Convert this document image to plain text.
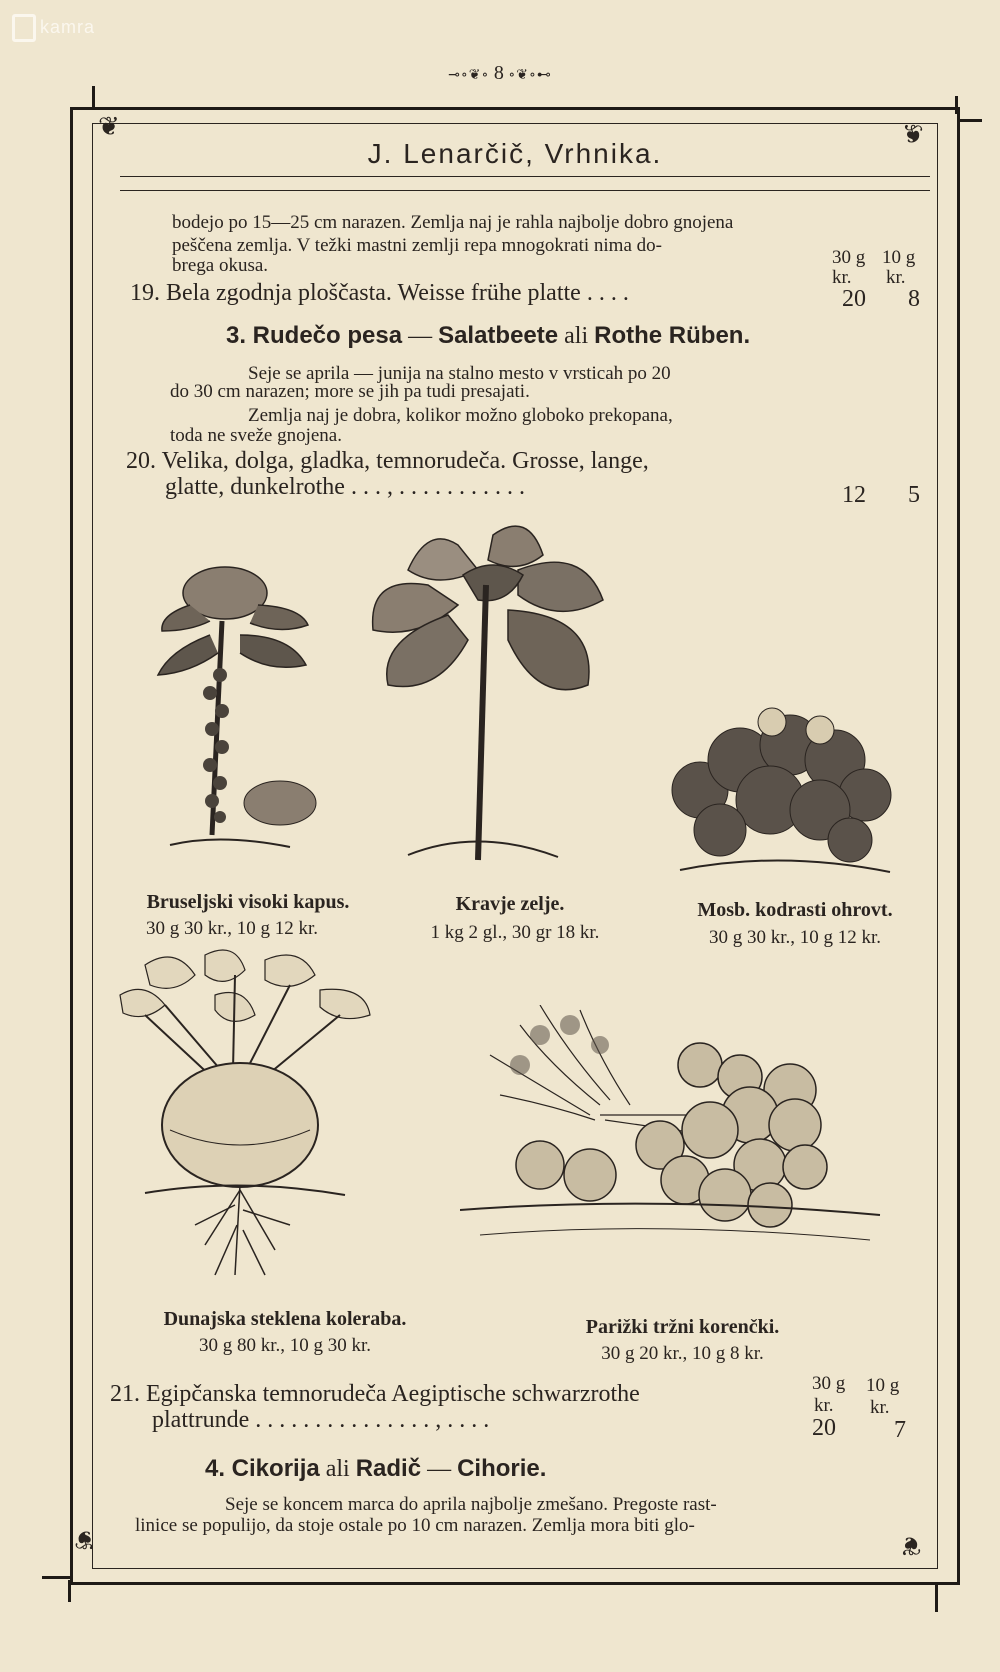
kamra
⊸∘❦∘ 8 ∘❦∘⊷
❦	❦
❦	❦
J. Lenarčič, Vrhnika.
bodejo po 15—25 cm narazen. Zemlja naj je rahla najbolje dobro gnojena
peščena zemlja. V težki mastni zemlji repa mnogokrati nima do-
brega okusa.	30 g 10 g
kr. kr.
19. Bela zgodnja ploščasta. Weisse frühe platte . . . .	20 8
3. Rudečo pesa — Salatbeete ali Rothe Rüben.
Seje se aprila — junija na stalno mesto v vrsticah po 20
do 30 cm narazen; more se jih pa tudi presajati.
Zemlja naj je dobra, kolikor možno globoko prekopana,
toda ne sveže gnojena.
20. Velika, dolga, gladka, temnorudeča. Grosse, lange,
glatte, dunkelrothe . . . , . . . . . . . . . . .	12 5
Bruseljski visoki kapus.
30 g 30 kr., 10 g 12 kr.
Kravje zelje.
1 kg 2 gl., 30 gr 18 kr.
Mosb. kodrasti ohrovt.
30 g 30 kr., 10 g 12 kr.
Dunajska steklena koleraba.
30 g 80 kr., 10 g 30 kr.
Parižki tržni korenčki.
30 g 20 kr., 10 g 8 kr.
21. Egipčanska temnorudeča Aegiptische schwarzrothe
plattrunde . . . . . . . . . . . . . . . , . . . .
30 g 10 g
kr. kr.
20 7
4. Cikorija ali Radič — Cihorie.
Seje se koncem marca do aprila najbolje zmešano. Pregoste rast-
linice se populijo, da stoje ostale po 10 cm narazen. Zemlja mora biti glo-
